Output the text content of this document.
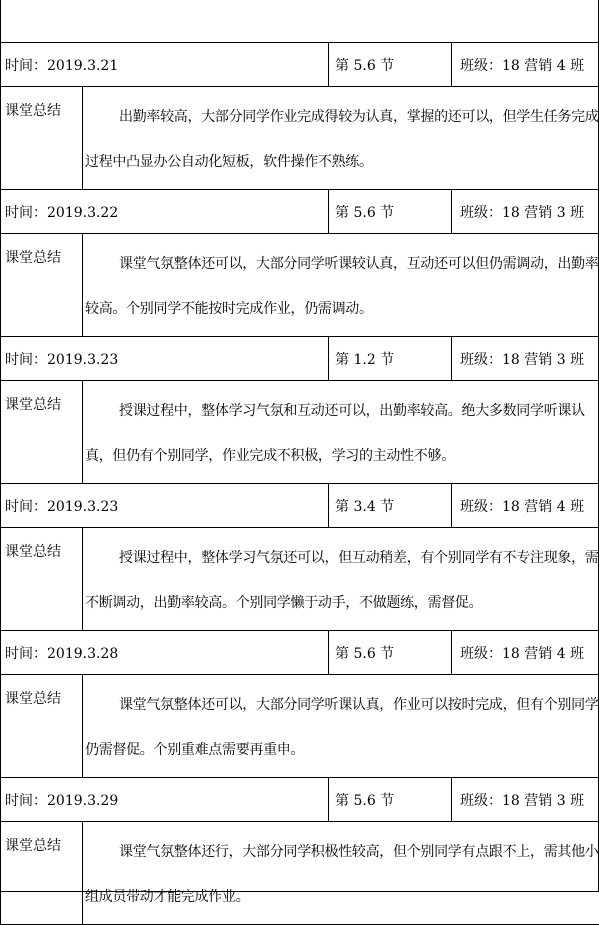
时间：2019.3.21		第 5.6 节	班级：18 营销 4 班
课堂总结	出勤率较高，大部分同学作业完成得较为认真，掌握的还可以，但学生任务完成过程中凸显办公自动化短板，软件操作不熟练。		
时间：2019.3.22		第 5.6 节	班级：18 营销 3 班
课堂总结	课堂气氛整体还可以，大部分同学听课较认真，互动还可以但仍需调动，出勤率较高。个别同学不能按时完成作业，仍需调动。		
时间：2019.3.23		第 1.2 节	班级：18 营销 3 班
课堂总结	授课过程中，整体学习气氛和互动还可以，出勤率较高。绝大多数同学听课认真，但仍有个别同学，作业完成不积极，学习的主动性不够。		
时间：2019.3.23		第 3.4 节	班级：18 营销 4 班
课堂总结	授课过程中，整体学习气氛还可以，但互动稍差，有个别同学有不专注现象，需不断调动，出勤率较高。个别同学懒于动手，不做题练，需督促。		
时间：2019.3.28		第 5.6 节	班级：18 营销 4 班
课堂总结	课堂气氛整体还可以，大部分同学听课认真，作业可以按时完成，但有个别同学仍需督促。个别重难点需要再重申。		
时间：2019.3.29		第 5.6 节	班级：18 营销 3 班
课堂总结	课堂气氛整体还行，大部分同学积极性较高，但个别同学有点跟不上，需其他小组成员带动才能完成作业。		
